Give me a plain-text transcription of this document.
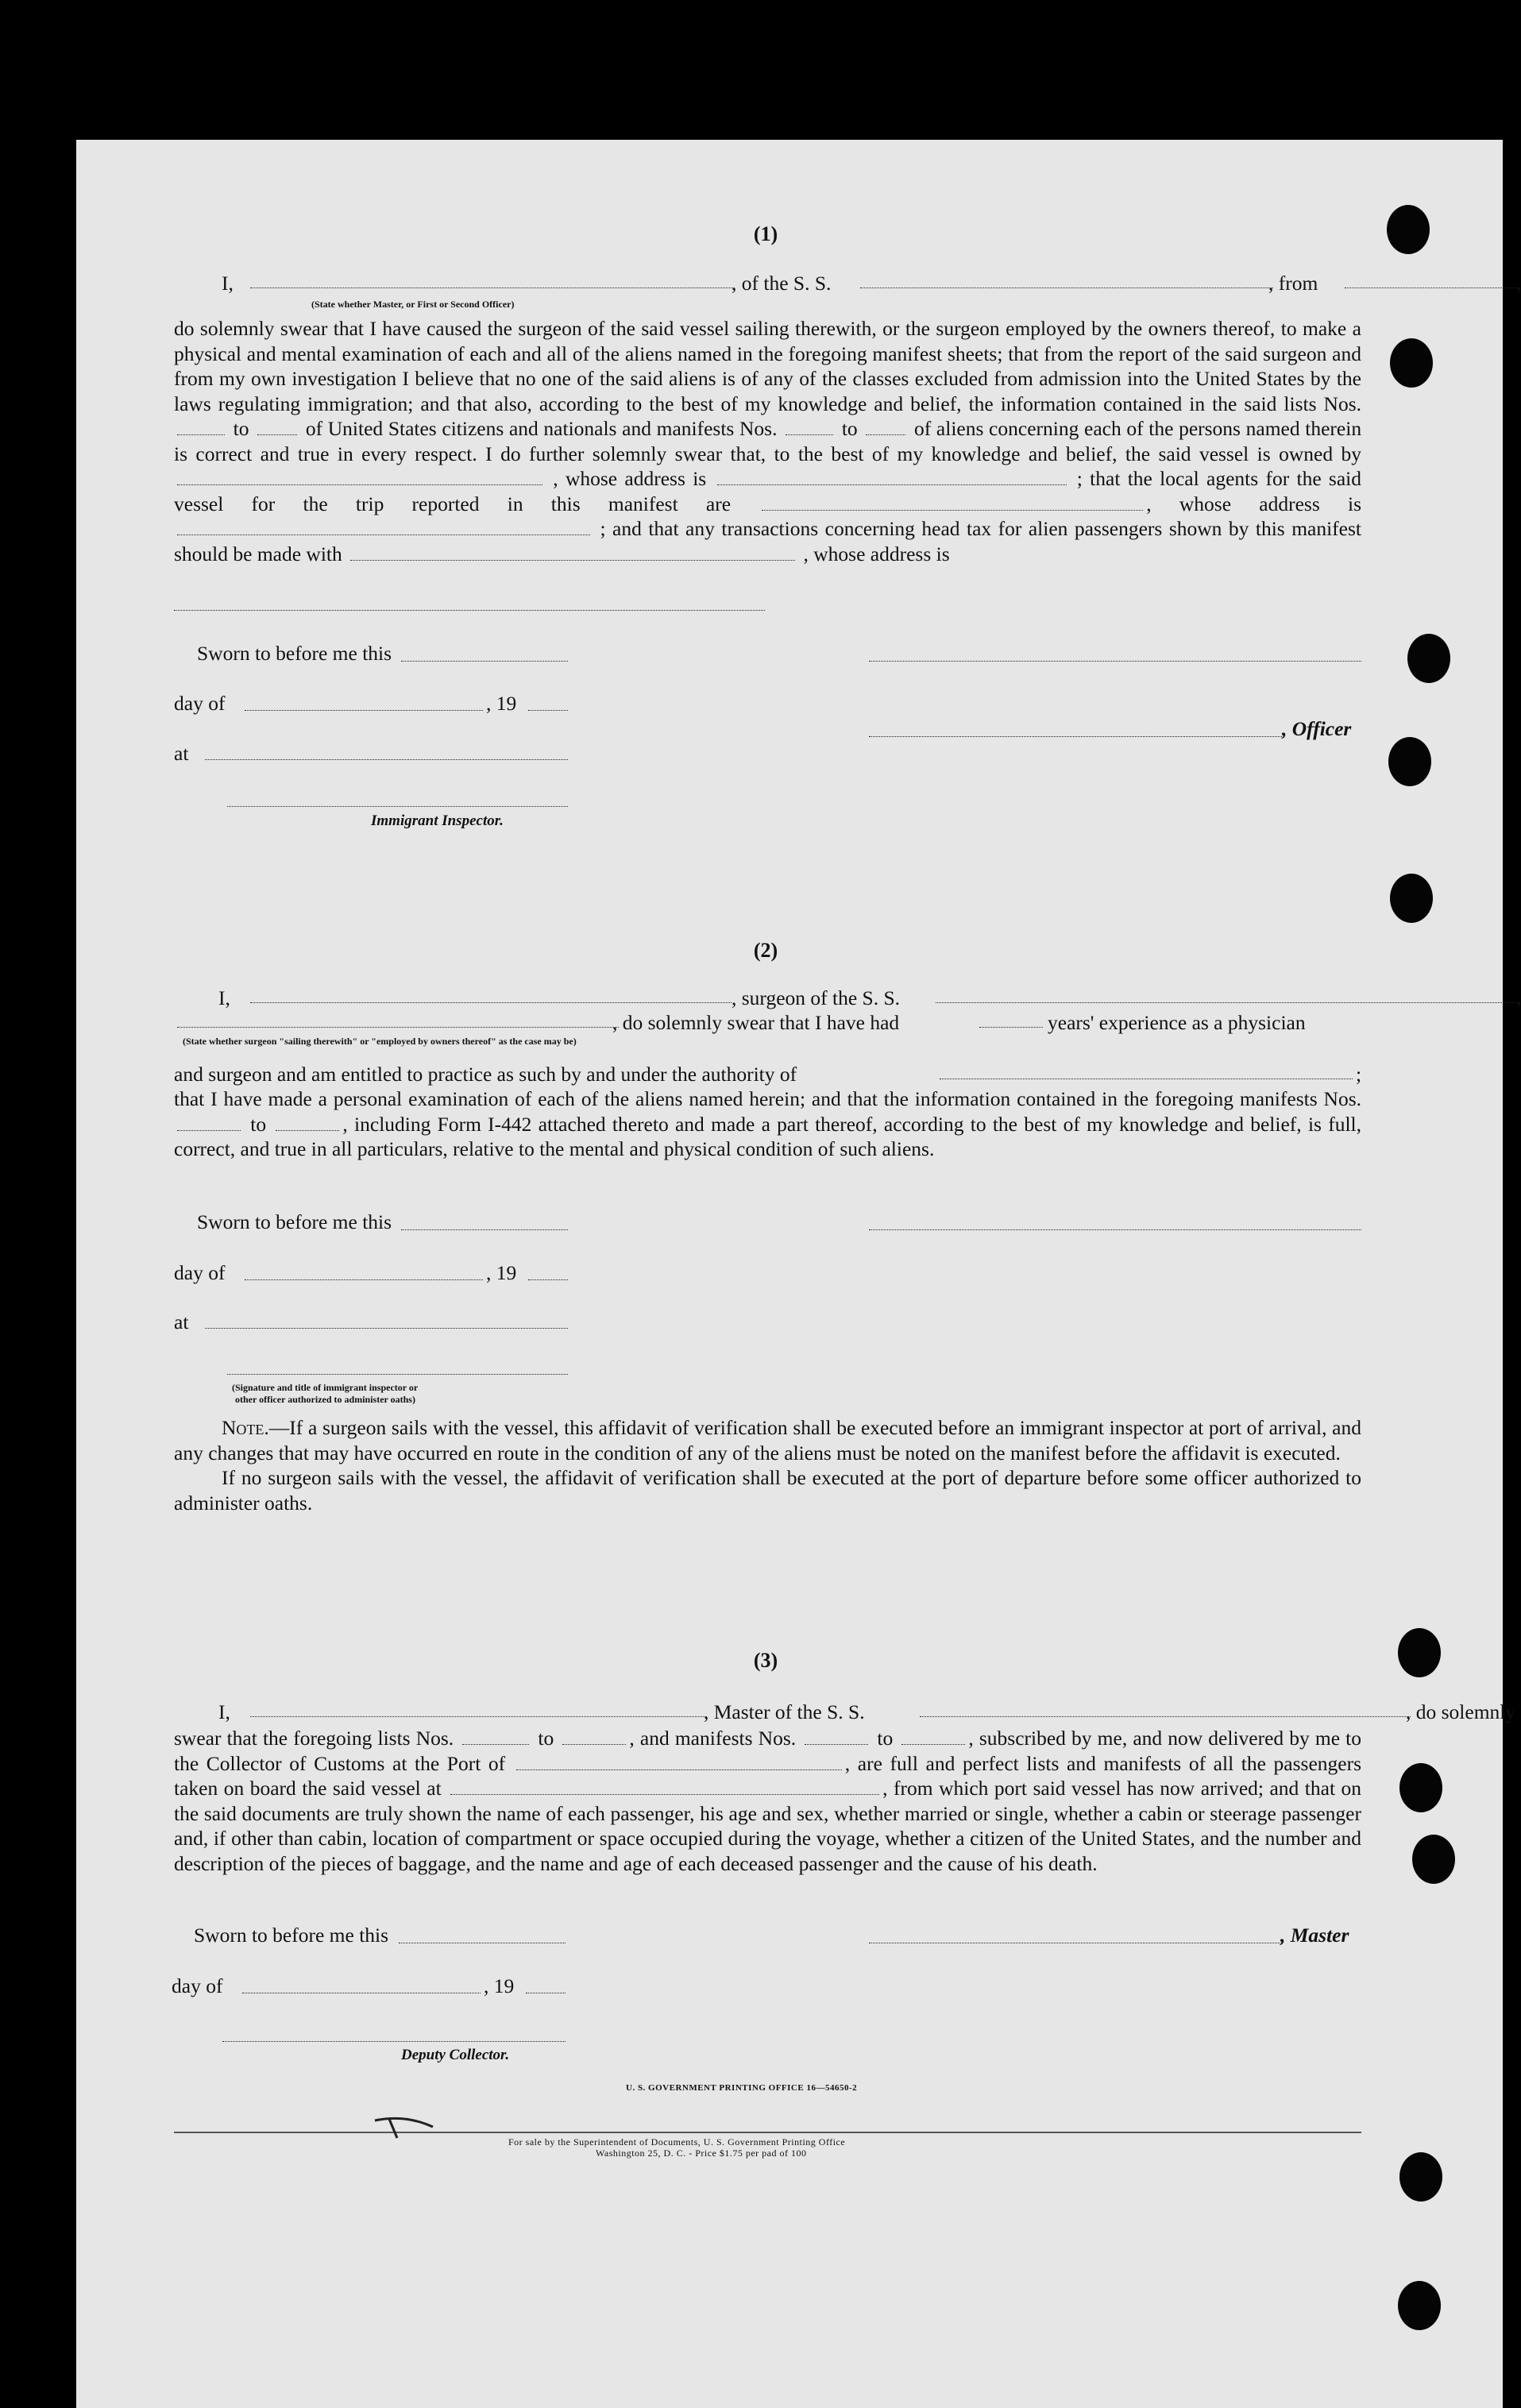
(1)
I,	, of the S. S.	, from	,
(State whether Master, or First or Second Officer)

do solemnly swear that I have caused the surgeon of the said vessel sailing therewith, or the surgeon employed by the owners thereof, to make a physical and mental examination of each and all of the aliens named in the foregoing manifest sheets; that from the report of the said surgeon and from my own investigation I believe that no one of the said aliens is of any of the classes excluded from admission into the United States by the laws regulating immigration; and that also, according to the best of my knowledge and belief, the information contained in the said lists Nos.  to	of United States citizens and nationals and manifests Nos.	to	of aliens concerning each of the persons named therein is correct and true in every respect. I do further solemnly swear that, to the best of my knowledge and belief, the said vessel is owned by  , whose address is	; that the local agents for the said vessel for the trip reported in this manifest are	, whose address is  ; and that any transactions concerning head tax for alien passengers shown by this manifest should be made with	, whose address is

Sworn to before me this
day of	, 19
, Officer
at
Immigrant Inspector.
(2)
I,	, surgeon of the S. S.	,
, do solemnly swear that I have had	years' experience as a physician
(State whether surgeon "sailing therewith" or "employed by owners thereof" as the case may be)
and surgeon and am entitled to practice as such by and under the authority of	;

that I have made a personal examination of each of the aliens named herein; and that the information contained in the foregoing manifests Nos.  to	, including Form I-442 attached thereto and made a part thereof, according to the best of my knowledge and belief, is full, correct, and true in all particulars, relative to the mental and physical condition of such aliens.

Sworn to before me this
day of	, 19
at
(Signature and title of immigrant inspector or
other officer authorized to administer oaths)

Note.—If a surgeon sails with the vessel, this affidavit of verification shall be executed before an immigrant inspector at port of arrival, and any changes that may have occurred en route in the condition of any of the aliens must be noted on the manifest before the affidavit is executed.

If no surgeon sails with the vessel, the affidavit of verification shall be executed at the port of departure before some officer authorized to administer oaths.

(3)
I,	, Master of the S. S.	, do solemnly

swear that the foregoing lists Nos.	to	, and manifests Nos.	to	, subscribed by me, and now delivered by me to the Collector of Customs at the Port of	, are full and perfect lists and manifests of all the passengers taken on board the said vessel at	, from which port said vessel has now arrived; and that on the said documents are truly shown the name of each passenger, his age and sex, whether married or single, whether a cabin or steerage passenger and, if other than cabin, location of compartment or space occupied during the voyage, whether a citizen of the United States, and the number and description of the pieces of baggage, and the name and age of each deceased passenger and the cause of his death.

Sworn to before me this	, Master
day of	, 19
Deputy Collector.
U. S. GOVERNMENT PRINTING OFFICE 16—54650-2
For sale by the Superintendent of Documents, U. S. Government Printing Office
Washington 25, D. C. - Price $1.75 per pad of 100
